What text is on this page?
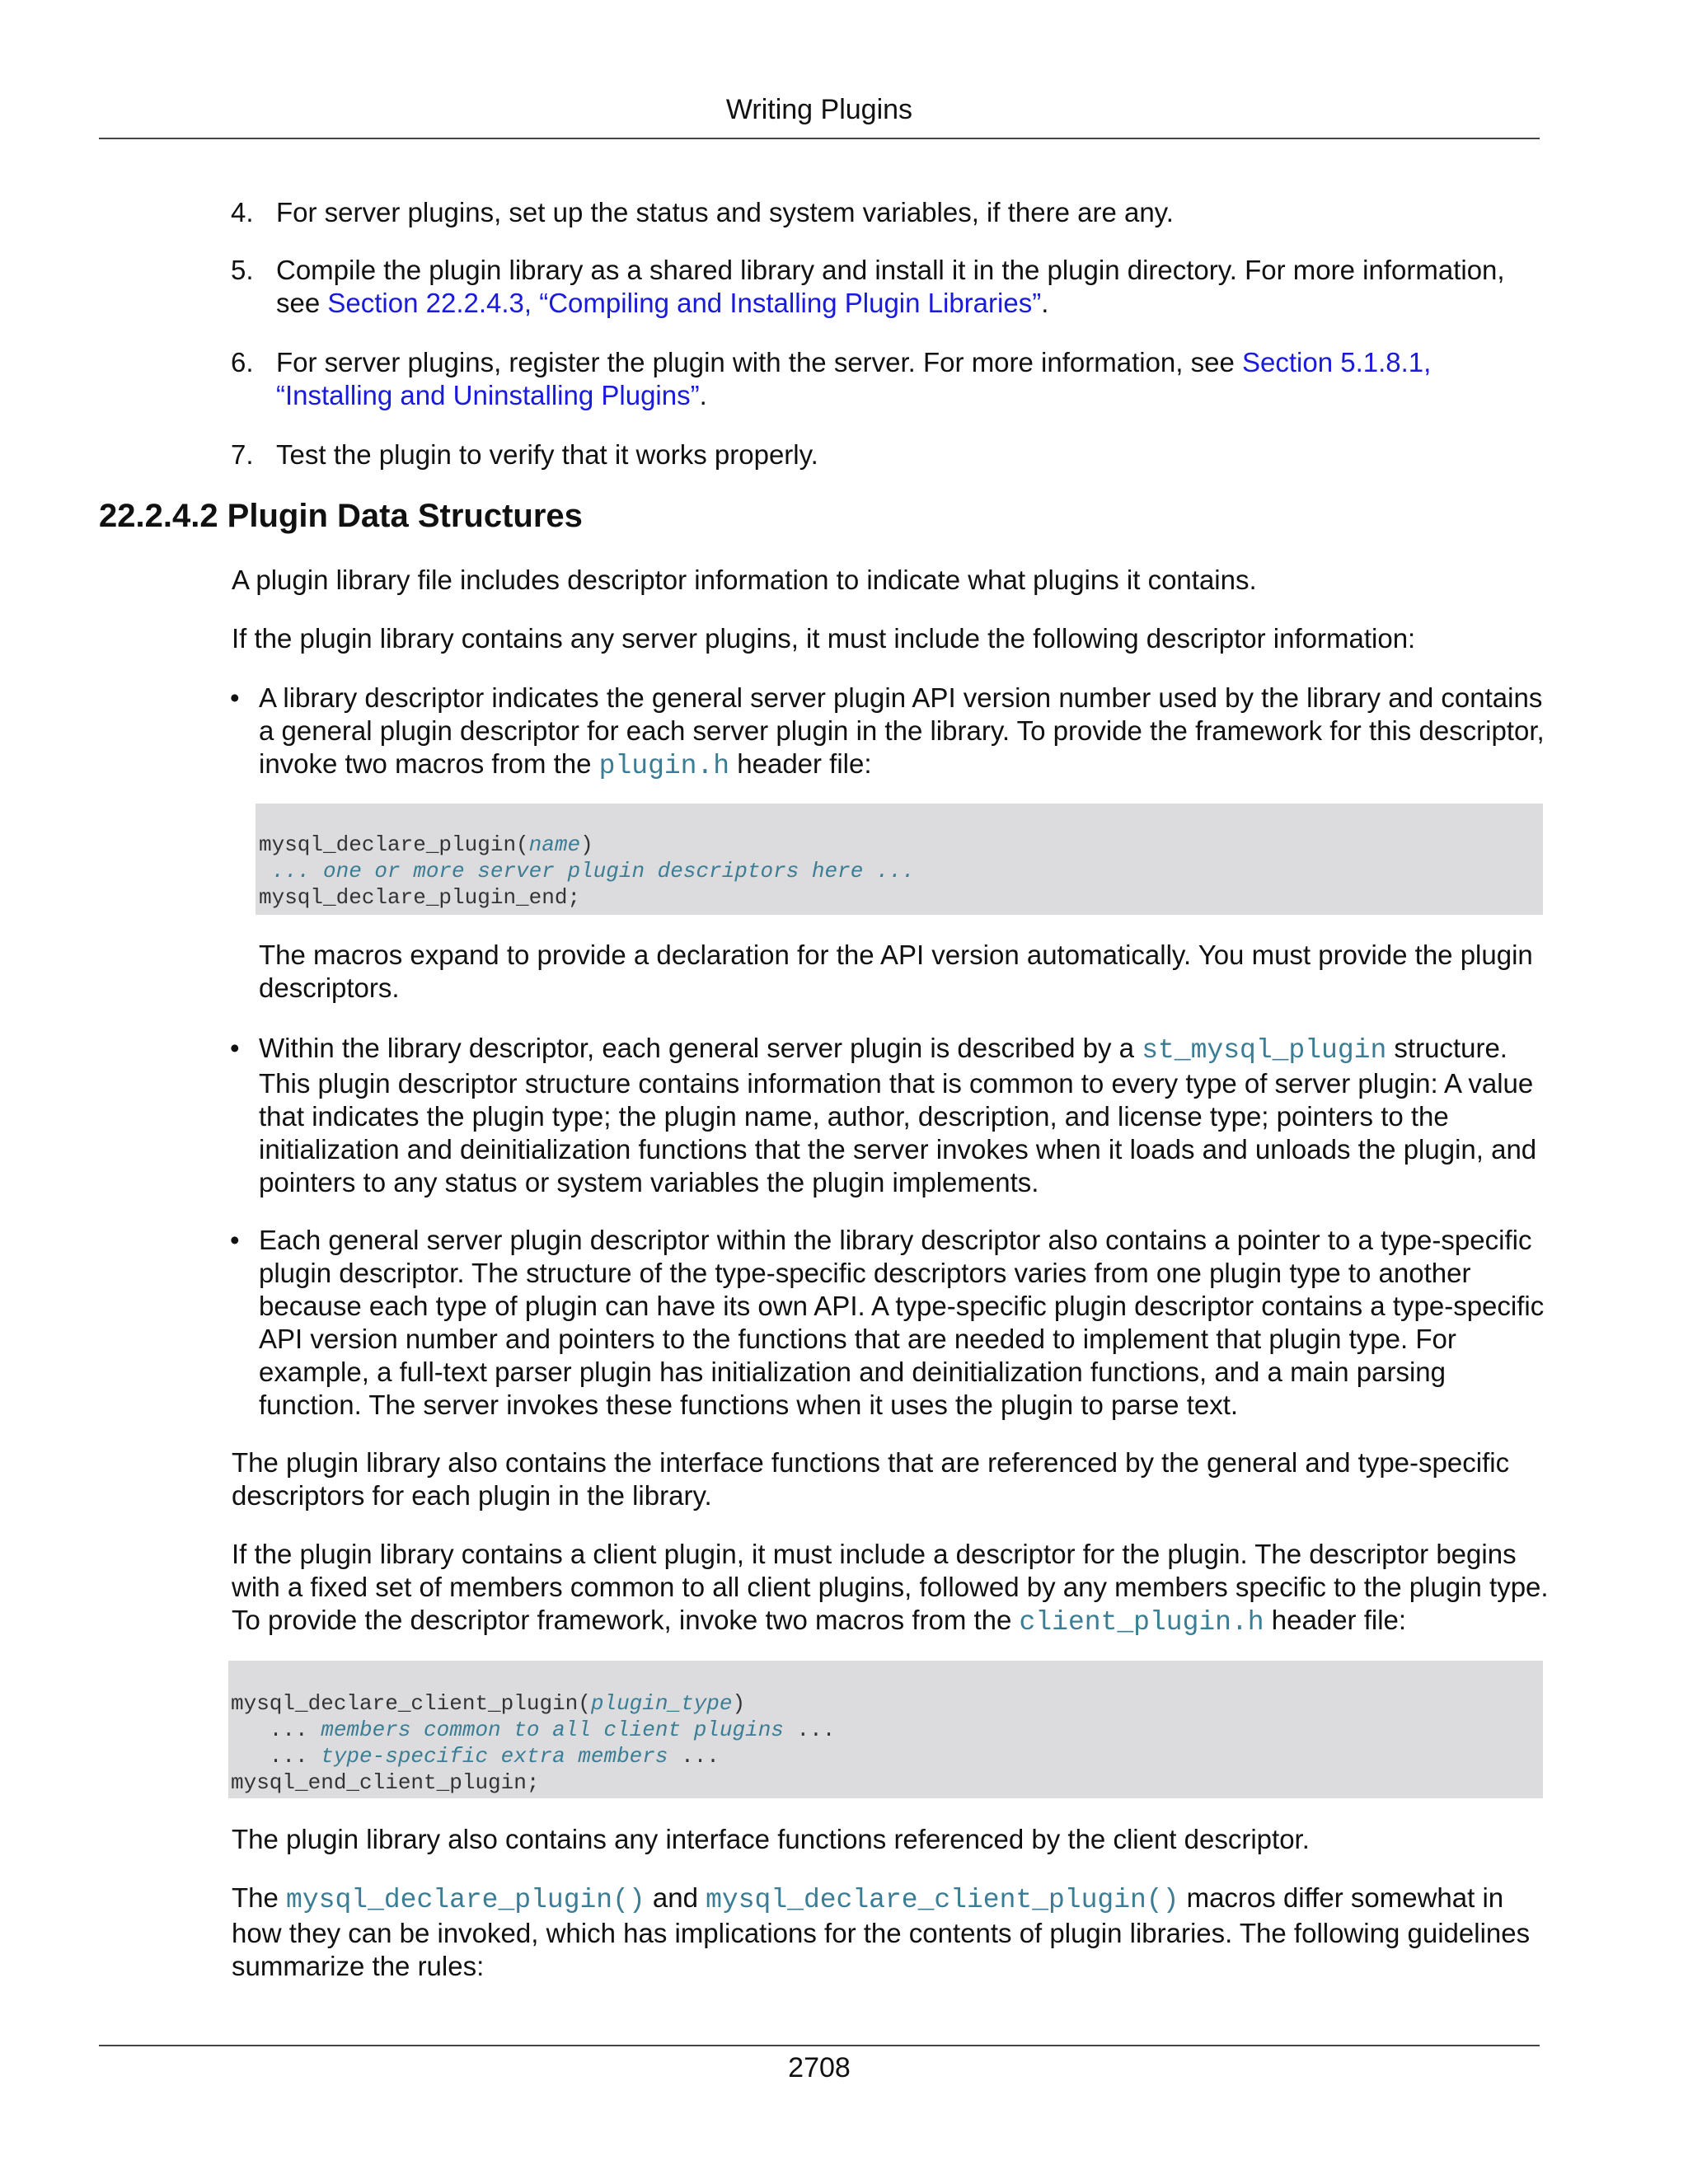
Writing Plugins
4. For server plugins, set up the status and system variables, if there are any.
5. Compile the plugin library as a shared library and install it in the plugin directory. For more information, see Section 22.2.4.3, “Compiling and Installing Plugin Libraries”.
6. For server plugins, register the plugin with the server. For more information, see Section 5.1.8.1, “Installing and Uninstalling Plugins”.
7. Test the plugin to verify that it works properly.
22.2.4.2 Plugin Data Structures
A plugin library file includes descriptor information to indicate what plugins it contains.
If the plugin library contains any server plugins, it must include the following descriptor information:
• A library descriptor indicates the general server plugin API version number used by the library and contains a general plugin descriptor for each server plugin in the library. To provide the framework for this descriptor, invoke two macros from the plugin.h header file:
mysql_declare_plugin(name)
... one or more server plugin descriptors here ...
mysql_declare_plugin_end;
The macros expand to provide a declaration for the API version automatically. You must provide the plugin descriptors.
• Within the library descriptor, each general server plugin is described by a st_mysql_plugin structure. This plugin descriptor structure contains information that is common to every type of server plugin: A value that indicates the plugin type; the plugin name, author, description, and license type; pointers to the initialization and deinitialization functions that the server invokes when it loads and unloads the plugin, and pointers to any status or system variables the plugin implements.
• Each general server plugin descriptor within the library descriptor also contains a pointer to a type-specific plugin descriptor. The structure of the type-specific descriptors varies from one plugin type to another because each type of plugin can have its own API. A type-specific plugin descriptor contains a type-specific API version number and pointers to the functions that are needed to implement that plugin type. For example, a full-text parser plugin has initialization and deinitialization functions, and a main parsing function. The server invokes these functions when it uses the plugin to parse text.
The plugin library also contains the interface functions that are referenced by the general and type-specific descriptors for each plugin in the library.
If the plugin library contains a client plugin, it must include a descriptor for the plugin. The descriptor begins with a fixed set of members common to all client plugins, followed by any members specific to the plugin type. To provide the descriptor framework, invoke two macros from the client_plugin.h header file:
mysql_declare_client_plugin(plugin_type)
... members common to all client plugins ...
... type-specific extra members ...
mysql_end_client_plugin;
The plugin library also contains any interface functions referenced by the client descriptor.
The mysql_declare_plugin() and mysql_declare_client_plugin() macros differ somewhat in how they can be invoked, which has implications for the contents of plugin libraries. The following guidelines summarize the rules:
2708
